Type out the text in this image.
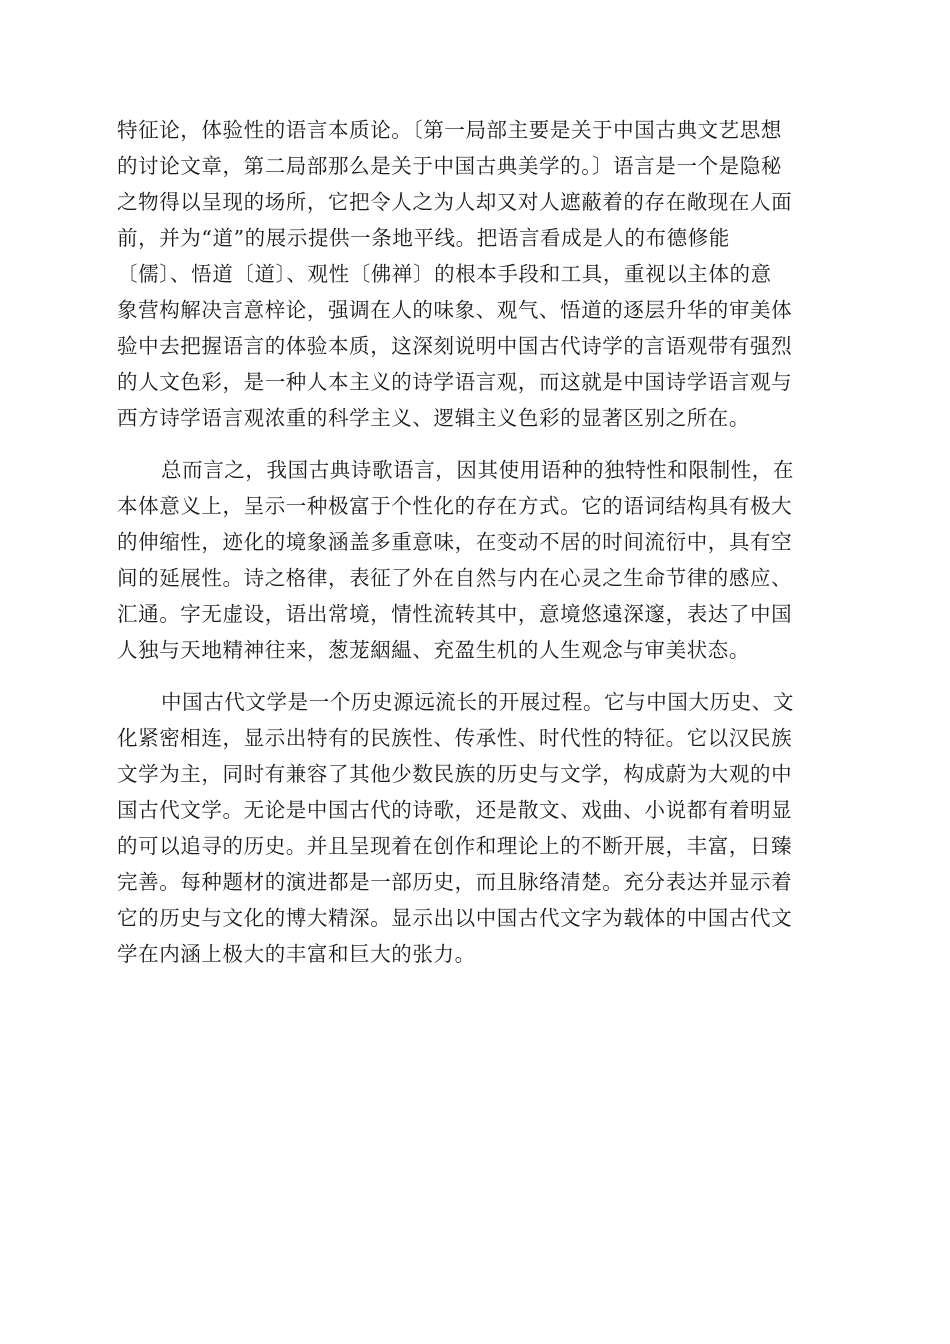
特征论，体验性的语言本质论。〔第一局部主要是关于中国古典文艺思想
的讨论文章，第二局部那么是关于中国古典美学的。〕语言是一个是隐秘
之物得以呈现的场所，它把令人之为人却又对人遮蔽着的存在敞现在人面
前，并为“道”的展示提供一条地平线。把语言看成是人的布德修能
〔儒〕、悟道〔道〕、观性〔佛禅〕的根本手段和工具，重视以主体的意
象营构解决言意梓论，强调在人的味象、观气、悟道的逐层升华的审美体
验中去把握语言的体验本质，这深刻说明中国古代诗学的言语观带有强烈
的人文色彩，是一种人本主义的诗学语言观，而这就是中国诗学语言观与
西方诗学语言观浓重的科学主义、逻辑主义色彩的显著区别之所在。
总而言之，我国古典诗歌语言，因其使用语种的独特性和限制性，在
本体意义上，呈示一种极富于个性化的存在方式。它的语词结构具有极大
的伸缩性，迹化的境象涵盖多重意味，在变动不居的时间流衍中，具有空
间的延展性。诗之格律，表征了外在自然与内在心灵之生命节律的感应、
汇通。字无虚设，语出常境，情性流转其中，意境悠遠深邃，表达了中国
人独与天地精神往来，葱茏絪緼、充盈生机的人生观念与审美状态。
中国古代文学是一个历史源远流长的开展过程。它与中国大历史、文
化紧密相连，显示出特有的民族性、传承性、时代性的特征。它以汉民族
文学为主，同时有兼容了其他少数民族的历史与文学，构成蔚为大观的中
国古代文学。无论是中国古代的诗歌，还是散文、戏曲、小说都有着明显
的可以追寻的历史。并且呈现着在创作和理论上的不断开展，丰富，日臻
完善。每种题材的演进都是一部历史，而且脉络清楚。充分表达并显示着
它的历史与文化的博大精深。显示出以中国古代文字为载体的中国古代文
学在内涵上极大的丰富和巨大的张力。
